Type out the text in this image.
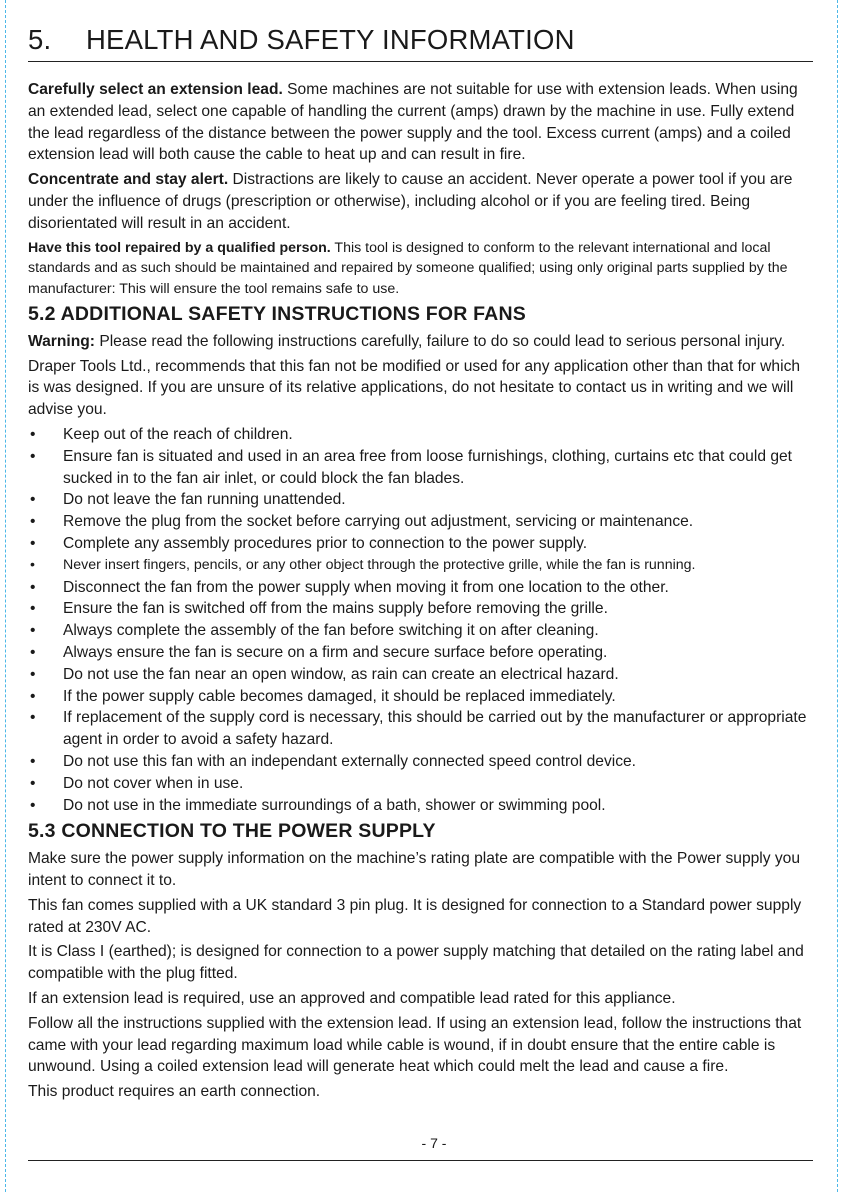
5. HEALTH AND SAFETY INFORMATION

Carefully select an extension lead. Some machines are not suitable for use with extension leads. When using an extended lead, select one capable of handling the current (amps) drawn by the machine in use. Fully extend the lead regardless of the distance between the power supply and the tool. Excess current (amps) and a coiled extension lead will both cause the cable to heat up and can result in fire.

Concentrate and stay alert. Distractions are likely to cause an accident. Never operate a power tool if you are under the influence of drugs (prescription or otherwise), including alcohol or if you are feeling tired. Being disorientated will result in an accident.

Have this tool repaired by a qualified person. This tool is designed to conform to the relevant international and local standards and as such should be maintained and repaired by someone qualified; using only original parts supplied by the manufacturer: This will ensure the tool remains safe to use.

5.2 ADDITIONAL SAFETY INSTRUCTIONS FOR FANS

Warning: Please read the following instructions carefully, failure to do so could lead to serious personal injury.

Draper Tools Ltd., recommends that this fan not be modified or used for any application other than that for which is was designed. If you are unsure of its relative applications, do not hesitate to contact us in writing and we will advise you.

• Keep out of the reach of children.
• Ensure fan is situated and used in an area free from loose furnishings, clothing, curtains etc that could get sucked in to the fan air inlet, or could block the fan blades.
• Do not leave the fan running unattended.
• Remove the plug from the socket before carrying out adjustment, servicing or maintenance.
• Complete any assembly procedures prior to connection to the power supply.
• Never insert fingers, pencils, or any other object through the protective grille, while the fan is running.
• Disconnect the fan from the power supply when moving it from one location to the other.
• Ensure the fan is switched off from the mains supply before removing the grille.
• Always complete the assembly of the fan before switching it on after cleaning.
• Always ensure the fan is secure on a firm and secure surface before operating.
• Do not use the fan near an open window, as rain can create an electrical hazard.
• If the power supply cable becomes damaged, it should be replaced immediately.
• If replacement of the supply cord is necessary, this should be carried out by the manufacturer or appropriate agent in order to avoid a safety hazard.
• Do not use this fan with an independant externally connected speed control device.
• Do not cover when in use.
• Do not use in the immediate surroundings of a bath, shower or swimming pool.
5.3 CONNECTION TO THE POWER SUPPLY

Make sure the power supply information on the machine’s rating plate are compatible with the Power supply you intent to connect it to.

This fan comes supplied with a UK standard 3 pin plug. It is designed for connection to a Standard power supply rated at 230V AC.

It is Class I (earthed); is designed for connection to a power supply matching that detailed on the rating label and compatible with the plug fitted.

If an extension lead is required, use an approved and compatible lead rated for this appliance.

Follow all the instructions supplied with the extension lead. If using an extension lead, follow the instructions that came with your lead regarding maximum load while cable is wound, if in doubt ensure that the entire cable is unwound. Using a coiled extension lead will generate heat which could melt the lead and cause a fire.

This product requires an earth connection.

- 7 -
